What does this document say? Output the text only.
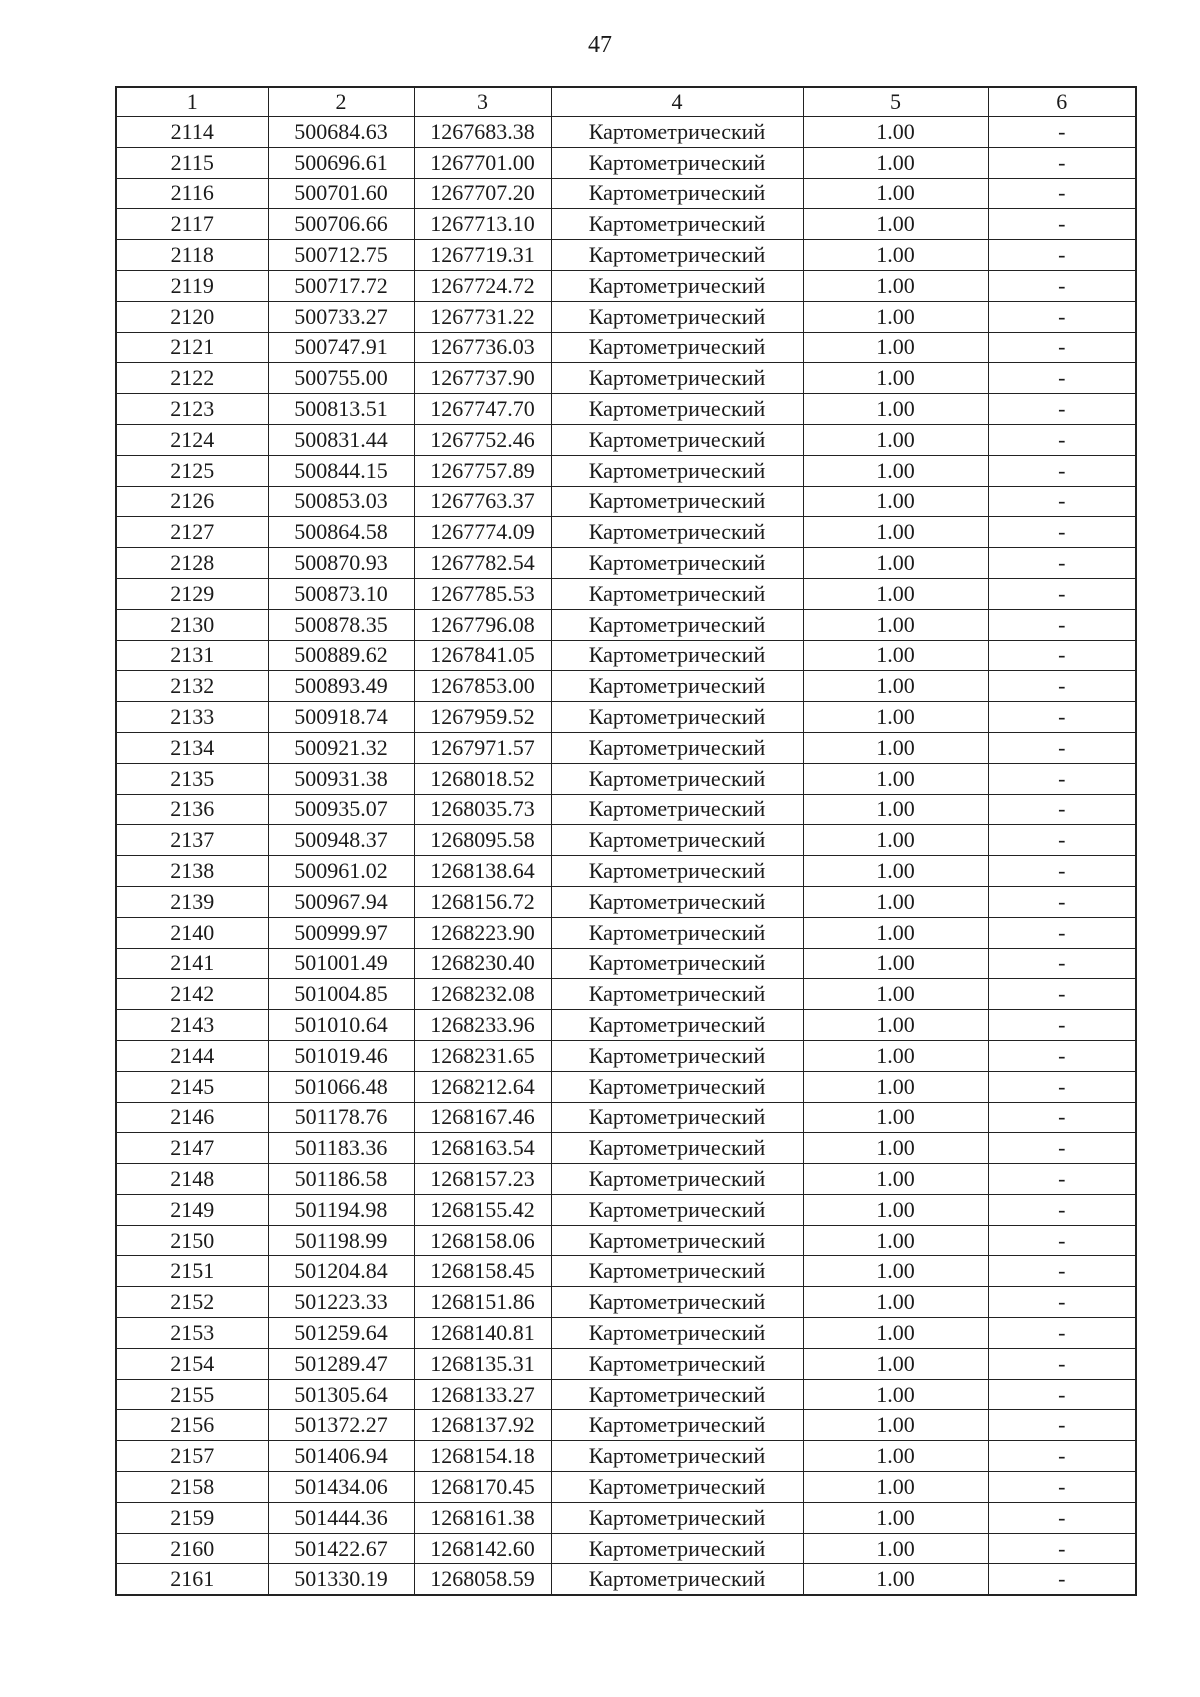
47
1	2	3	4	5	6
2114	500684.63	1267683.38	Картометрический	1.00	-
2115	500696.61	1267701.00	Картометрический	1.00	-
2116	500701.60	1267707.20	Картометрический	1.00	-
2117	500706.66	1267713.10	Картометрический	1.00	-
2118	500712.75	1267719.31	Картометрический	1.00	-
2119	500717.72	1267724.72	Картометрический	1.00	-
2120	500733.27	1267731.22	Картометрический	1.00	-
2121	500747.91	1267736.03	Картометрический	1.00	-
2122	500755.00	1267737.90	Картометрический	1.00	-
2123	500813.51	1267747.70	Картометрический	1.00	-
2124	500831.44	1267752.46	Картометрический	1.00	-
2125	500844.15	1267757.89	Картометрический	1.00	-
2126	500853.03	1267763.37	Картометрический	1.00	-
2127	500864.58	1267774.09	Картометрический	1.00	-
2128	500870.93	1267782.54	Картометрический	1.00	-
2129	500873.10	1267785.53	Картометрический	1.00	-
2130	500878.35	1267796.08	Картометрический	1.00	-
2131	500889.62	1267841.05	Картометрический	1.00	-
2132	500893.49	1267853.00	Картометрический	1.00	-
2133	500918.74	1267959.52	Картометрический	1.00	-
2134	500921.32	1267971.57	Картометрический	1.00	-
2135	500931.38	1268018.52	Картометрический	1.00	-
2136	500935.07	1268035.73	Картометрический	1.00	-
2137	500948.37	1268095.58	Картометрический	1.00	-
2138	500961.02	1268138.64	Картометрический	1.00	-
2139	500967.94	1268156.72	Картометрический	1.00	-
2140	500999.97	1268223.90	Картометрический	1.00	-
2141	501001.49	1268230.40	Картометрический	1.00	-
2142	501004.85	1268232.08	Картометрический	1.00	-
2143	501010.64	1268233.96	Картометрический	1.00	-
2144	501019.46	1268231.65	Картометрический	1.00	-
2145	501066.48	1268212.64	Картометрический	1.00	-
2146	501178.76	1268167.46	Картометрический	1.00	-
2147	501183.36	1268163.54	Картометрический	1.00	-
2148	501186.58	1268157.23	Картометрический	1.00	-
2149	501194.98	1268155.42	Картометрический	1.00	-
2150	501198.99	1268158.06	Картометрический	1.00	-
2151	501204.84	1268158.45	Картометрический	1.00	-
2152	501223.33	1268151.86	Картометрический	1.00	-
2153	501259.64	1268140.81	Картометрический	1.00	-
2154	501289.47	1268135.31	Картометрический	1.00	-
2155	501305.64	1268133.27	Картометрический	1.00	-
2156	501372.27	1268137.92	Картометрический	1.00	-
2157	501406.94	1268154.18	Картометрический	1.00	-
2158	501434.06	1268170.45	Картометрический	1.00	-
2159	501444.36	1268161.38	Картометрический	1.00	-
2160	501422.67	1268142.60	Картометрический	1.00	-
2161	501330.19	1268058.59	Картометрический	1.00	-
